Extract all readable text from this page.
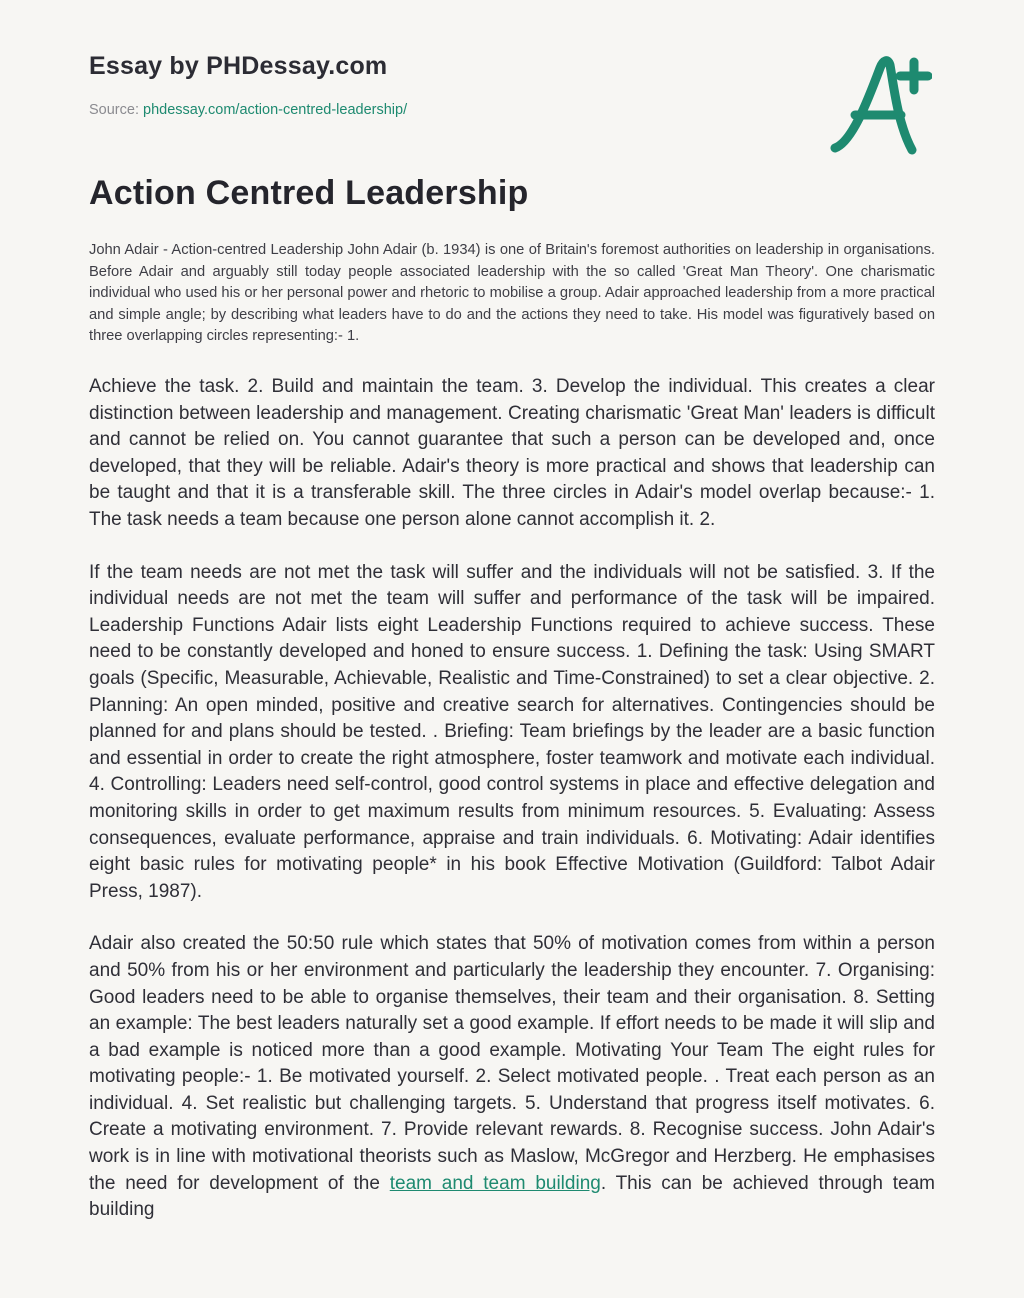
Essay by PHDessay.com
Source: phdessay.com/action-centred-leadership/
Action Centred Leadership

John Adair - Action-centred Leadership John Adair (b. 1934) is one of Britain's foremost authorities on leadership in organisations. Before Adair and arguably still today people associated leadership with the so called 'Great Man Theory'. One charismatic individual who used his or her personal power and rhetoric to mobilise a group. Adair approached leadership from a more practical and simple angle; by describing what leaders have to do and the actions they need to take. His model was figuratively based on three overlapping circles representing:- 1.

Achieve the task. 2. Build and maintain the team. 3. Develop the individual. This creates a clear distinction between leadership and management. Creating charismatic 'Great Man' leaders is difficult and cannot be relied on. You cannot guarantee that such a person can be developed and, once developed, that they will be reliable. Adair's theory is more practical and shows that leadership can be taught and that it is a transferable skill. The three circles in Adair's model overlap because:- 1. The task needs a team because one person alone cannot accomplish it. 2.

If the team needs are not met the task will suffer and the individuals will not be satisfied. 3. If the individual needs are not met the team will suffer and performance of the task will be impaired. Leadership Functions Adair lists eight Leadership Functions required to achieve success. These need to be constantly developed and honed to ensure success. 1. Defining the task: Using SMART goals (Specific, Measurable, Achievable, Realistic and Time-Constrained) to set a clear objective. 2. Planning: An open minded, positive and creative search for alternatives. Contingencies should be planned for and plans should be tested. . Briefing: Team briefings by the leader are a basic function and essential in order to create the right atmosphere, foster teamwork and motivate each individual. 4. Controlling: Leaders need self-control, good control systems in place and effective delegation and monitoring skills in order to get maximum results from minimum resources. 5. Evaluating: Assess consequences, evaluate performance, appraise and train individuals. 6. Motivating: Adair identifies eight basic rules for motivating people* in his book Effective Motivation (Guildford: Talbot Adair Press, 1987).

Adair also created the 50:50 rule which states that 50% of motivation comes from within a person and 50% from his or her environment and particularly the leadership they encounter. 7. Organising: Good leaders need to be able to organise themselves, their team and their organisation. 8. Setting an example: The best leaders naturally set a good example. If effort needs to be made it will slip and a bad example is noticed more than a good example. Motivating Your Team The eight rules for motivating people:- 1. Be motivated yourself. 2. Select motivated people. . Treat each person as an individual. 4. Set realistic but challenging targets. 5. Understand that progress itself motivates. 6. Create a motivating environment. 7. Provide relevant rewards. 8. Recognise success. John Adair's work is in line with motivational theorists such as Maslow, McGregor and Herzberg. He emphasises the need for development of the team and team building. This can be achieved through team building
